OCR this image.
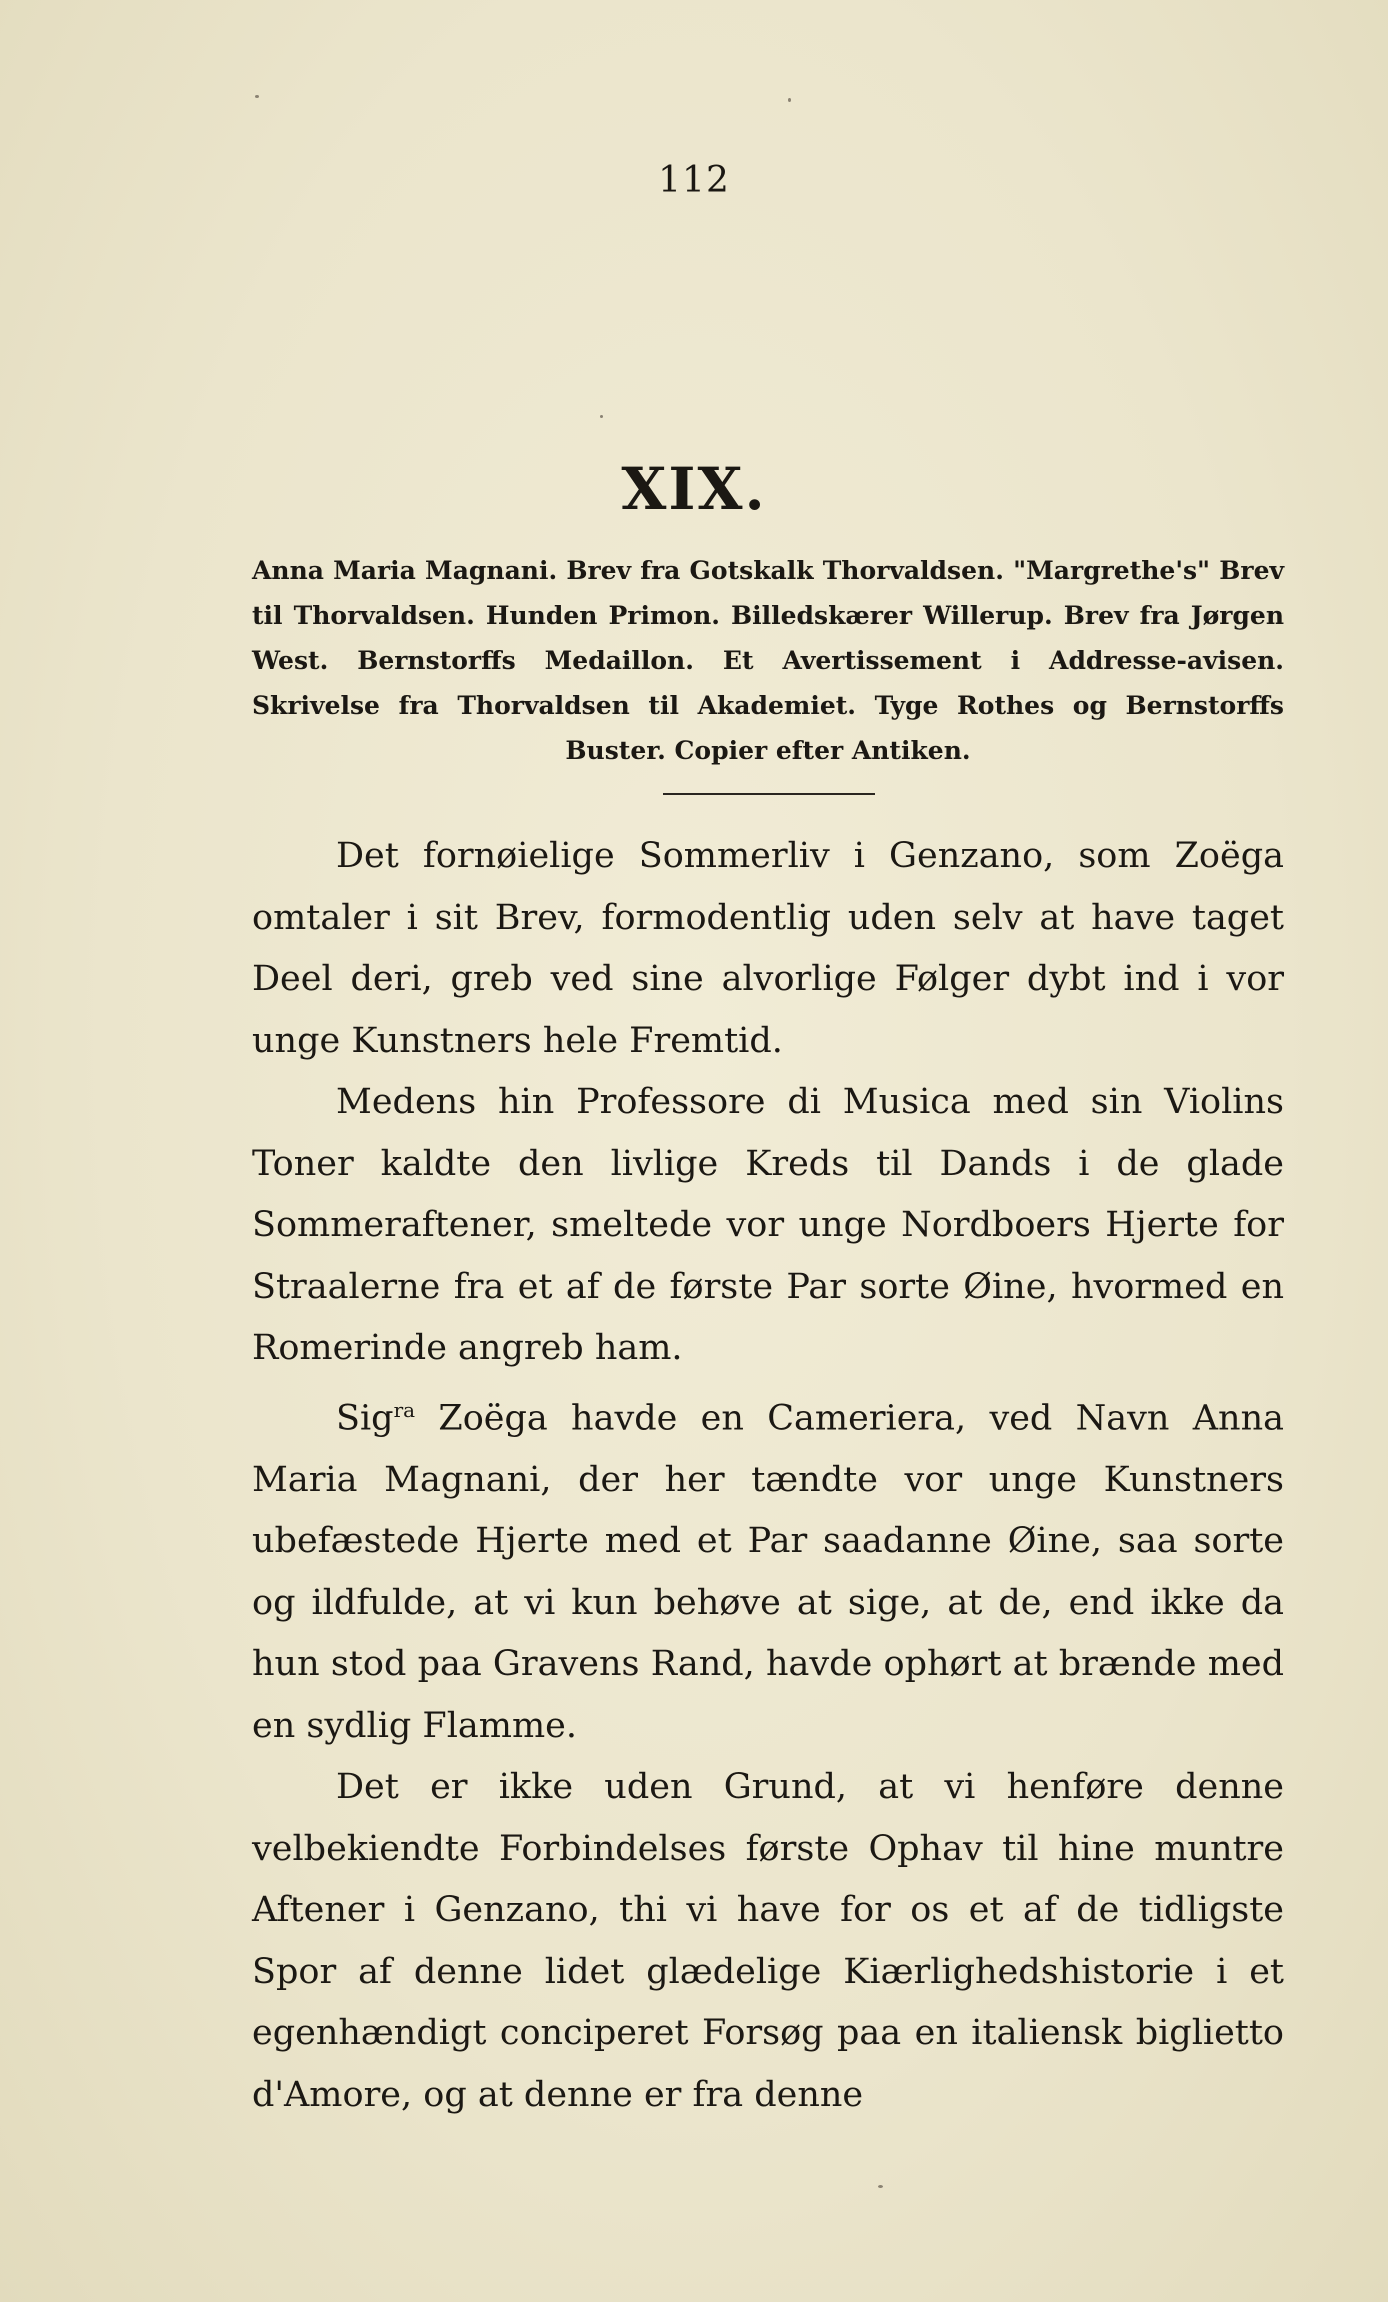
112
XIX.
Anna Maria Magnani. Brev fra Gotskalk Thorvaldsen. "Margrethe's" Brev til Thorvaldsen. Hunden Primon. Billedskærer Willerup. Brev fra Jørgen West. Bernstorffs Medaillon. Et Avertissement i Addresse-avisen. Skrivelse fra Thorvaldsen til Akademiet. Tyge Rothes og Bernstorffs Buster. Copier efter Antiken.

Det fornøielige Sommerliv i Genzano, som Zoëga omtaler i sit Brev, formodentlig uden selv at have taget Deel deri, greb ved sine alvorlige Følger dybt ind i vor unge Kunstners hele Fremtid.

Medens hin Professore di Musica med sin Violins Toner kaldte den livlige Kreds til Dands i de glade Sommeraftener, smeltede vor unge Nordboers Hjerte for Straalerne fra et af de første Par sorte Øine, hvormed en Romerinde angreb ham.

Sig$^{ra}$ Zoëga havde en Cameriera, ved Navn Anna Maria Magnani, der her tændte vor unge Kunstners ubefæstede Hjerte med et Par saadanne Øine, saa sorte og ildfulde, at vi kun behøve at sige, at de, end ikke da hun stod paa Gravens Rand, havde ophørt at brænde med en sydlig Flamme.

Det er ikke uden Grund, at vi henføre denne velbekiendte Forbindelses første Ophav til hine muntre Aftener i Genzano, thi vi have for os et af de tidligste Spor af denne lidet glædelige Kiærlighedshistorie i et egenhændigt conciperet Forsøg paa en italiensk biglietto d'Amore, og at denne er fra denne
